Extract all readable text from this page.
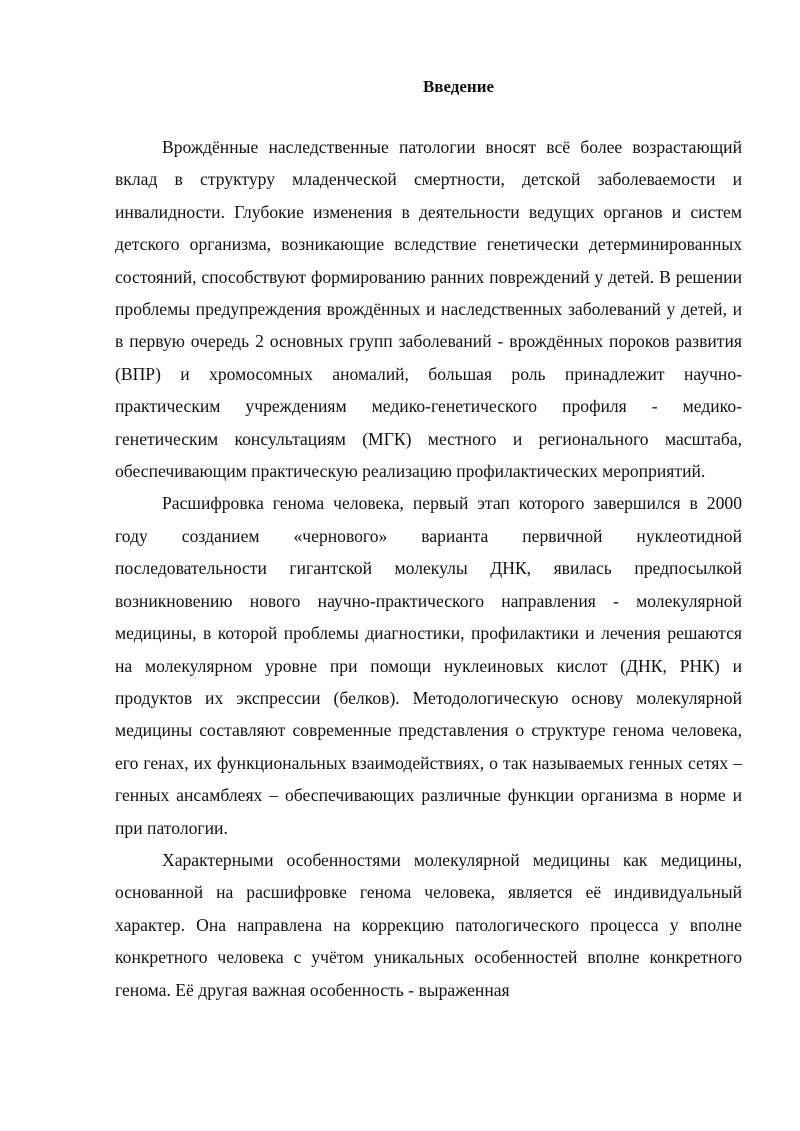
Введение

Врождённые наследственные патологии вносят всё более возрастающий вклад в структуру младенческой смертности, детской заболеваемости и инвалидности. Глубокие изменения в деятельности ведущих органов и систем детского организма, возникающие вследствие генетически детерминированных состояний, способствуют формированию ранних повреждений у детей. В решении проблемы предупреждения врождённых и наследственных заболеваний у детей, и в первую очередь 2 основных групп заболеваний - врождённых пороков развития (ВПР) и хромосомных аномалий, большая роль принадлежит научно-практическим учреждениям медико-генетического профиля - медико-генетическим консультациям (МГК) местного и регионального масштаба, обеспечивающим практическую реализацию профилактических мероприятий.

Расшифровка генома человека, первый этап которого завершился в 2000 году созданием «чернового» варианта первичной нуклеотидной последовательности гигантской молекулы ДНК, явилась предпосылкой возникновению нового научно-практического направления - молекулярной медицины, в которой проблемы диагностики, профилактики и лечения решаются на молекулярном уровне при помощи нуклеиновых кислот (ДНК, РНК) и продуктов их экспрессии (белков). Методологическую основу молекулярной медицины составляют современные представления о структуре генома человека, его генах, их функциональных взаимодействиях, о так называемых генных сетях – генных ансамблеях – обеспечивающих различные функции организма в норме и при патологии.

Характерными особенностями молекулярной медицины как медицины, основанной на расшифровке генома человека, является её индивидуальный характер. Она направлена на коррекцию патологического процесса у вполне конкретного человека с учётом уникальных особенностей вполне конкретного генома. Её другая важная особенность - выраженная
